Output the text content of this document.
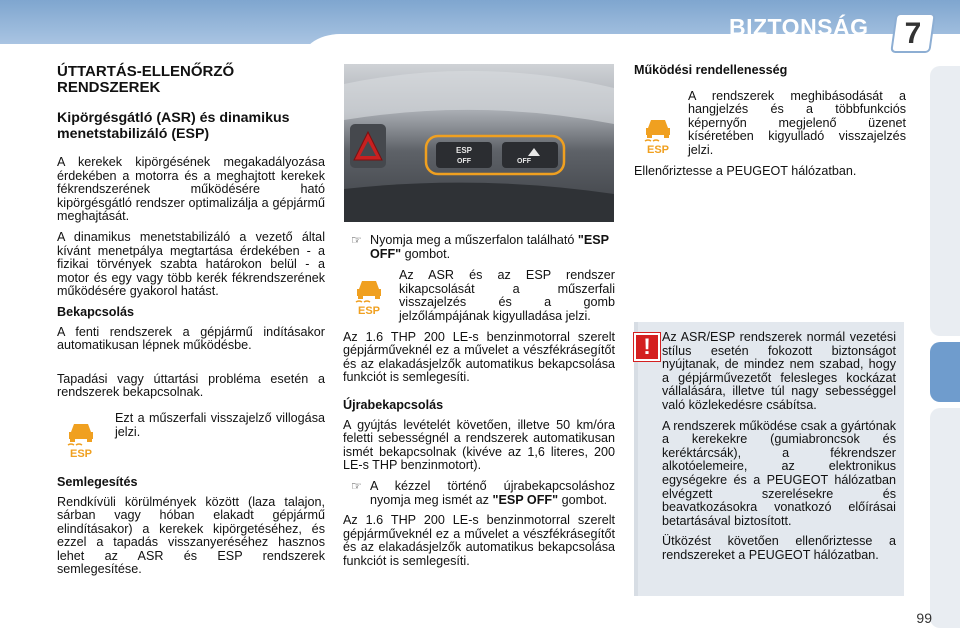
BIZTONSÁG	7
ÚTTARTÁS-ELLENŐRZŐ RENDSZEREK
Kipörgésgátló (ASR) és dinamikus menetstabilizáló (ESP)

A kerekek kipörgésének megakadályozása érdekében a motorra és a meghajtott kerekek fékrendszerének működésére ható kipörgésgátló rendszer optimalizálja a gépjármű meghajtását.

A dinamikus menetstabilizáló a vezető által kívánt menetpálya megtartása érdekében - a fizikai törvények szabta határokon belül - a motor és egy vagy több kerék fékrendszerének működésére gyakorol hatást.

Bekapcsolás

A fenti rendszerek a gépjármű indításakor automatikusan lépnek működésbe.

Tapadási vagy úttartási probléma esetén a rendszerek bekapcsolnak.

ESP

Ezt a műszerfali visszajelző villogása jelzi.

Semlegesítés

Rendkívüli körülmények között (laza talajon, sárban vagy hóban elakadt gépjármű elindításakor) a kerekek kipörgetéséhez, és ezzel a tapadás visszanyeréséhez hasznos lehet az ASR és ESP rendszerek semlegesítése.

ESP
OFF	OFF
☞ Nyomja meg a műszerfalon található "ESP OFF" gombot.
ESP

Az ASR és az ESP rendszer kikapcsolását a műszerfali visszajelzés és a gomb jelzőlámpájának kigyulladása jelzi.

Az 1.6 THP 200 LE-s benzinmotorral szerelt gépjárműveknél ez a művelet a vészfékrásegítőt és az elakadásjelzők automatikus bekapcsolása funkciót is semlegesíti.

Újrabekapcsolás

A gyújtás levételét követően, illetve 50 km/óra feletti sebességnél a rendszerek automatikusan ismét bekapcsolnak (kivéve az 1,6 literes, 200 LE-s THP benzinmotort).

☞ A kézzel történő újrabekapcsoláshoz nyomja meg ismét az "ESP OFF" gombot.

Az 1.6 THP 200 LE-s benzinmotorral szerelt gépjárműveknél ez a művelet a vészfékrásegítőt és az elakadásjelzők automatikus bekapcsolása funkciót is semlegesíti.

Működési rendellenesség
ESP

A rendszerek meghibásodását a hangjelzés és a többfunkciós képernyőn megjelenő üzenet kíséretében kigyulladó visszajelzés jelzi.

Ellenőriztesse a PEUGEOT hálózatban.

Az ASR/ESP rendszerek normál vezetési stílus esetén fokozott biztonságot nyújtanak, de mindez nem szabad, hogy a gépjárművezetőt felesleges kockázat vállalására, illetve túl nagy sebességgel való közlekedésre csábítsa.

A rendszerek működése csak a gyártónak a kerekekre (gumiabroncsok és keréktárcsák), a fékrendszer alkotóelemeire, az elektronikus egységekre és a PEUGEOT hálózatban elvégzett szerelésekre és beavatkozásokra vonatkozó előírásai betartásával biztosított.

Ütközést követően ellenőriztesse a rendszereket a PEUGEOT hálózatban.

!
99
